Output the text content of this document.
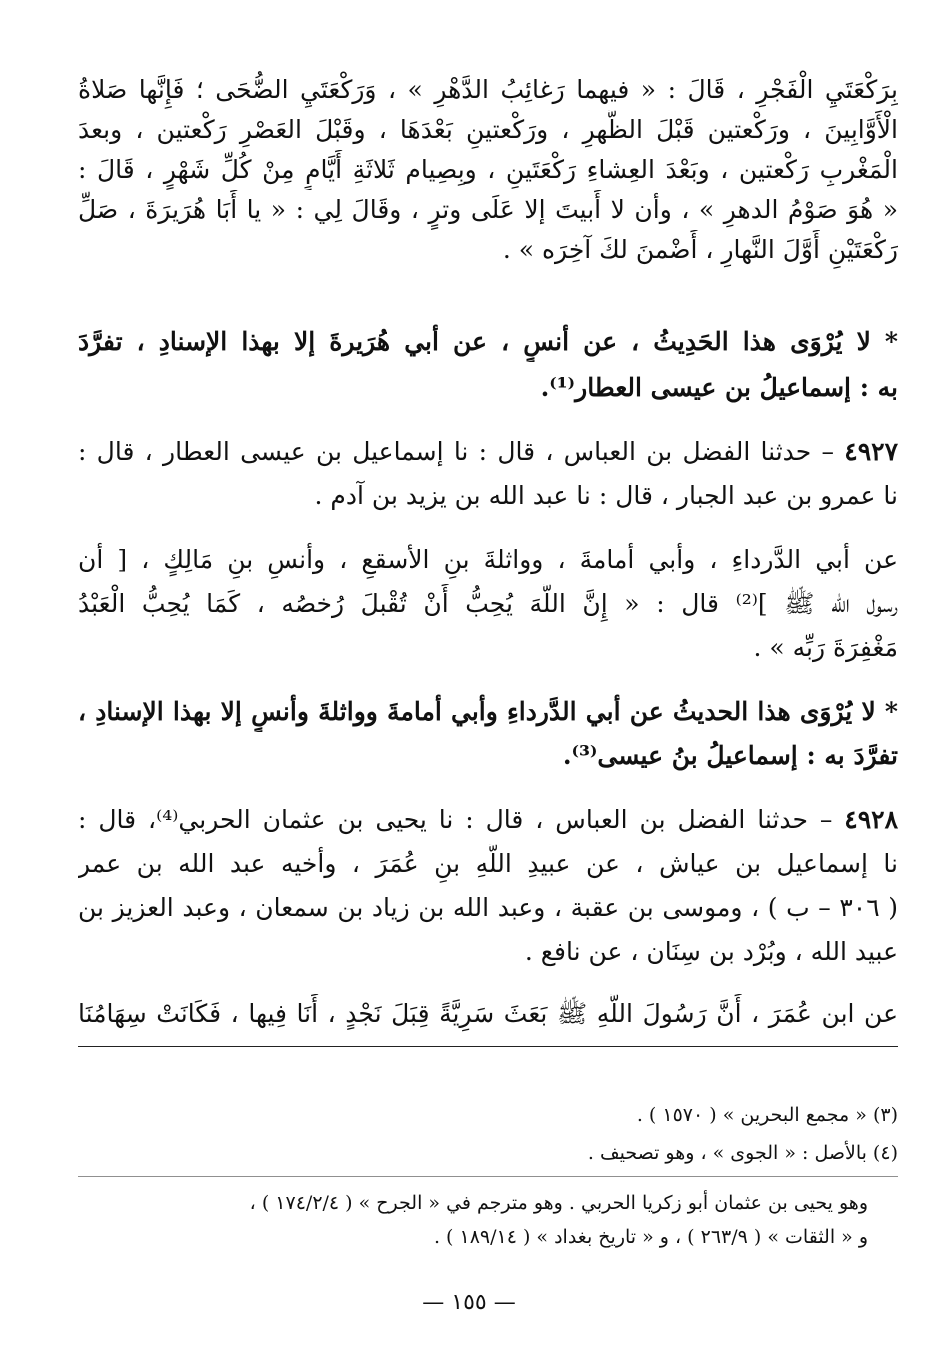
بِرَكْعَتَيِ الْفَجْرِ ، قَالَ : « فيهما رَغائِبُ الدَّهْرِ » ، وَرَكْعَتَيِ الضُّحَى ؛ فَإِنَّها صَلاةُ
الْأَوَّابِينَ ، ورَكْعتين قَبْلَ الظُّهرِ ، ورَكْعتينِ بَعْدَهَا ، وقَبْلَ العَصْرِ رَكْعتين ، وبعدَ
الْمَغْربِ رَكْعتين ، وبَعْدَ العِشاءِ رَكْعَتَينِ ، وبِصِيام ثَلاثَةِ أَيَّامٍ مِنْ كُلِّ شَهْرٍ ، قَالَ :
« هُوَ صَوْمُ الدهرِ » ، وأن لا أَبيتَ إلا عَلَى وترٍ ، وقَالَ لِي : « يا أَبَا هُرَيرَةَ ، صَلِّ
رَكْعَتَيْنِ أَوَّلَ النَّهارِ ، أَضْمنَ لكَ آخِرَه » .
* لا يُرْوَى هذا الحَدِيثُ ، عن أنسٍ ، عن أبي هُرَيرةَ إلا بهذا الإسنادِ ، تفرَّدَ
به : إسماعيلُ بن عيسى العطار⁽¹⁾.
٤٩٢٧ – حدثنا الفضل بن العباس ، قال : نا إسماعيل بن عيسى العطار ، قال :
نا عمرو بن عبد الجبار ، قال : نا عبد الله بن يزيد بن آدم .
عن أبي الدَّرداءِ ، وأبي أمامةَ ، وواثلةَ بنِ الأسقعِ ، وأنسِ بنِ مَالِكٍ ، [ أن
رسول الله ﷺ ]⁽²⁾ قال : « إِنَّ اللَّهَ يُحِبُّ أَنْ تُقْبلَ رُخصُه ، كَمَا يُحِبُّ الْعَبْدُ
مَغْفِرَةَ رَبِّه » .
* لا يُرْوَى هذا الحديثُ عن أبي الدَّرداءِ وأبي أمامةَ وواثلةَ وأنسٍ إلا بهذا الإسنادِ ،
تفرَّدَ به : إسماعيلُ بنُ عيسى⁽³⁾.
٤٩٢٨ – حدثنا الفضل بن العباس ، قال : نا يحيى بن عثمان الحربي⁽⁴⁾، قال :
نا إسماعيل بن عياش ، عن عبيدِ اللَّهِ بنِ عُمَرَ ، وأخيه عبد الله بن عمر
( ٣٠٦ – ب ) ، وموسى بن عقبة ، وعبد الله بن زياد بن سمعان ، وعبد العزيز بن
عبيد الله ، وبُرْد بن سِنَان ، عن نافع .
عن ابن عُمَرَ ، أَنَّ رَسُولَ اللَّهِ ﷺ بَعَثَ سَرِيَّةً قِبَلَ نَجْدٍ ، أَنَا فِيها ، فَكَانَتْ سِهَامُنَا
(٣) « مجمع البحرين » ( ١٥٧٠ ) .
(٤) بالأصل : « الجوى » ، وهو تصحيف .
وهو يحيى بن عثمان أبو زكريا الحربي . وهو مترجم في « الجرح » ( ١٧٤/٢/٤ ) ،
و « الثقات » ( ٢٦٣/٩ ) ، و « تاريخ بغداد » ( ١٨٩/١٤ ) .
— ١٥٥ —
